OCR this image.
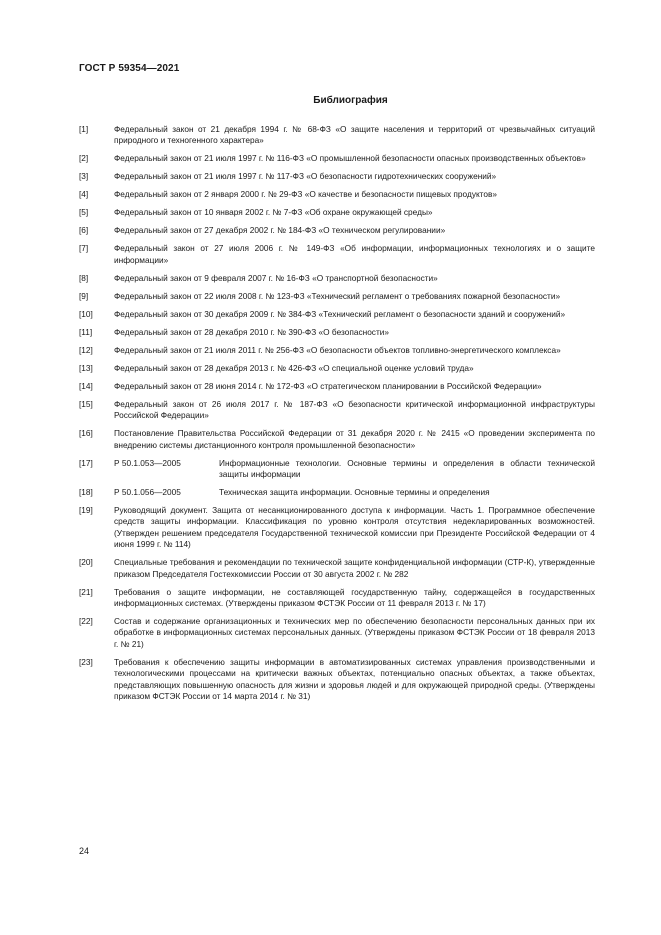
ГОСТ Р 59354—2021
Библиография
[1]	Федеральный закон от 21 декабря 1994 г. № 68-ФЗ «О защите населения и территорий от чрезвычайных ситуаций природного и техногенного характера»
[2]	Федеральный закон от 21 июля 1997 г. № 116-ФЗ «О промышленной безопасности опасных производственных объектов»
[3]	Федеральный закон от 21 июля 1997 г. № 117-ФЗ «О безопасности гидротехнических сооружений»
[4]	Федеральный закон от 2 января 2000 г. № 29-ФЗ «О качестве и безопасности пищевых продуктов»
[5]	Федеральный закон от 10 января 2002 г. № 7-ФЗ «Об охране окружающей среды»
[6]	Федеральный закон от 27 декабря 2002 г. № 184-ФЗ «О техническом регулировании»
[7]	Федеральный закон от 27 июля 2006 г. № 149-ФЗ «Об информации, информационных технологиях и о защите информации»
[8]	Федеральный закон от 9 февраля 2007 г. № 16-ФЗ «О транспортной безопасности»
[9]	Федеральный закон от 22 июля 2008 г. № 123-ФЗ «Технический регламент о требованиях пожарной безопасности»
[10]	Федеральный закон от 30 декабря 2009 г. № 384-ФЗ «Технический регламент о безопасности зданий и сооружений»
[11]	Федеральный закон от 28 декабря 2010 г. № 390-ФЗ «О безопасности»
[12]	Федеральный закон от 21 июля 2011 г. № 256-ФЗ «О безопасности объектов топливно-энергетического комплекса»
[13]	Федеральный закон от 28 декабря 2013 г. № 426-ФЗ «О специальной оценке условий труда»
[14]	Федеральный закон от 28 июня 2014 г. № 172-ФЗ «О стратегическом планировании в Российской Федерации»
[15]	Федеральный закон от 26 июля 2017 г. № 187-ФЗ «О безопасности критической информационной инфраструктуры Российской Федерации»
[16]	Постановление Правительства Российской Федерации от 31 декабря 2020 г. № 2415 «О проведении эксперимента по внедрению системы дистанционного контроля промышленной безопасности»
[17]	Р 50.1.053—2005	Информационные технологии. Основные термины и определения в области технической защиты информации
[18]	Р 50.1.056—2005	Техническая защита информации. Основные термины и определения
[19]	Руководящий документ. Защита от несанкционированного доступа к информации. Часть 1. Программное обеспечение средств защиты информации. Классификация по уровню контроля отсутствия недекларированных возможностей. (Утвержден решением председателя Государственной технической комиссии при Президенте Российской Федерации от 4 июня 1999 г. № 114)
[20]	Специальные требования и рекомендации по технической защите конфиденциальной информации (СТР-К), утвержденные приказом Председателя Гостехкомиссии России от 30 августа 2002 г. № 282
[21]	Требования о защите информации, не составляющей государственную тайну, содержащейся в государственных информационных системах. (Утверждены приказом ФСТЭК России от 11 февраля 2013 г. № 17)
[22]	Состав и содержание организационных и технических мер по обеспечению безопасности персональных данных при их обработке в информационных системах персональных данных. (Утверждены приказом ФСТЭК России от 18 февраля 2013 г. № 21)
[23]	Требования к обеспечению защиты информации в автоматизированных системах управления производственными и технологическими процессами на критически важных объектах, потенциально опасных объектах, а также объектах, представляющих повышенную опасность для жизни и здоровья людей и для окружающей природной среды. (Утверждены приказом ФСТЭК России от 14 марта 2014 г. № 31)
24
